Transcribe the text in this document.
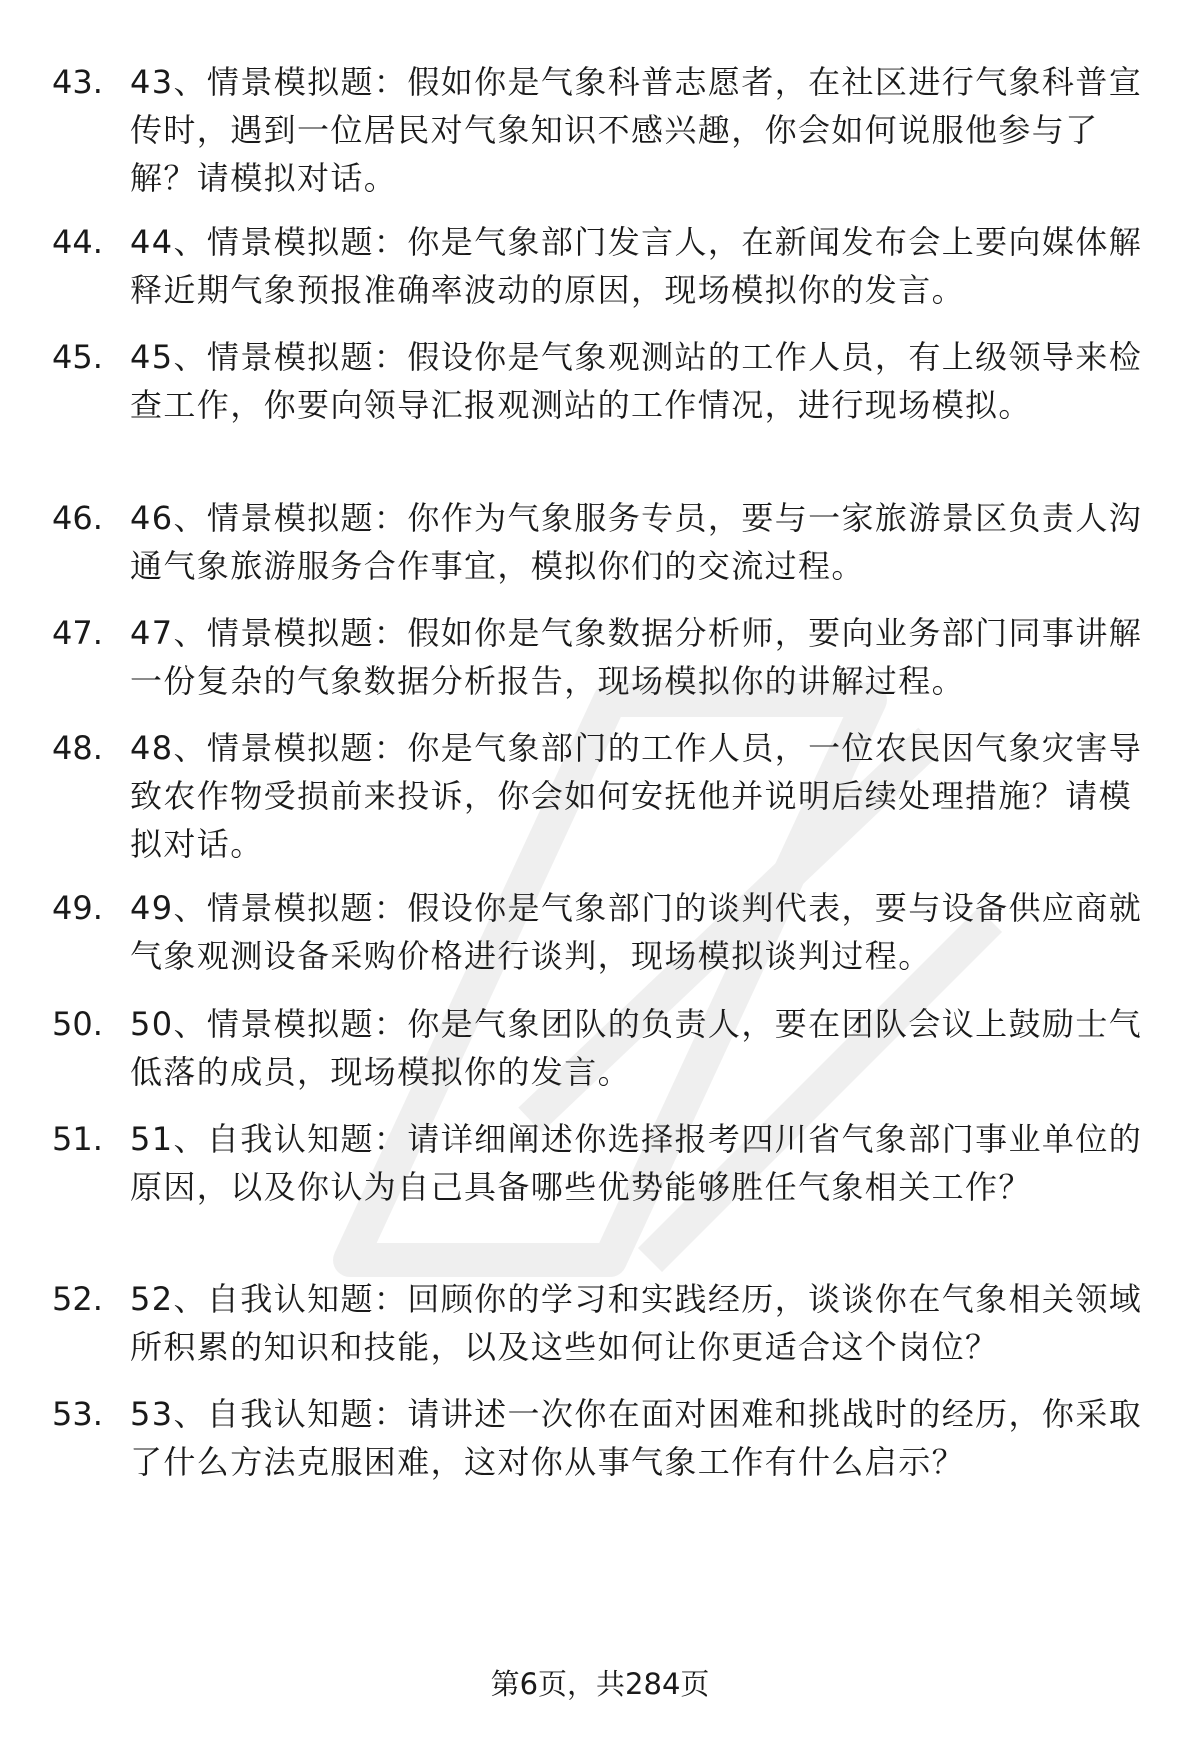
43. 43、情景模拟题：假如你是气象科普志愿者，在社区进行气象科普宣传时，遇到一位居民对气象知识不感兴趣，你会如何说服他参与了解？请模拟对话。
44. 44、情景模拟题：你是气象部门发言人，在新闻发布会上要向媒体解释近期气象预报准确率波动的原因，现场模拟你的发言。
45. 45、情景模拟题：假设你是气象观测站的工作人员，有上级领导来检查工作，你要向领导汇报观测站的工作情况，进行现场模拟。
46. 46、情景模拟题：你作为气象服务专员，要与一家旅游景区负责人沟通气象旅游服务合作事宜，模拟你们的交流过程。
47. 47、情景模拟题：假如你是气象数据分析师，要向业务部门同事讲解一份复杂的气象数据分析报告，现场模拟你的讲解过程。
48. 48、情景模拟题：你是气象部门的工作人员，一位农民因气象灾害导致农作物受损前来投诉，你会如何安抚他并说明后续处理措施？请模拟对话。
49. 49、情景模拟题：假设你是气象部门的谈判代表，要与设备供应商就气象观测设备采购价格进行谈判，现场模拟谈判过程。
50. 50、情景模拟题：你是气象团队的负责人，要在团队会议上鼓励士气低落的成员，现场模拟你的发言。
51. 51、自我认知题：请详细阐述你选择报考四川省气象部门事业单位的原因，以及你认为自己具备哪些优势能够胜任气象相关工作？
52. 52、自我认知题：回顾你的学习和实践经历，谈谈你在气象相关领域所积累的知识和技能，以及这些如何让你更适合这个岗位？
53. 53、自我认知题：请讲述一次你在面对困难和挑战时的经历，你采取了什么方法克服困难，这对你从事气象工作有什么启示？
第6页，共284页
